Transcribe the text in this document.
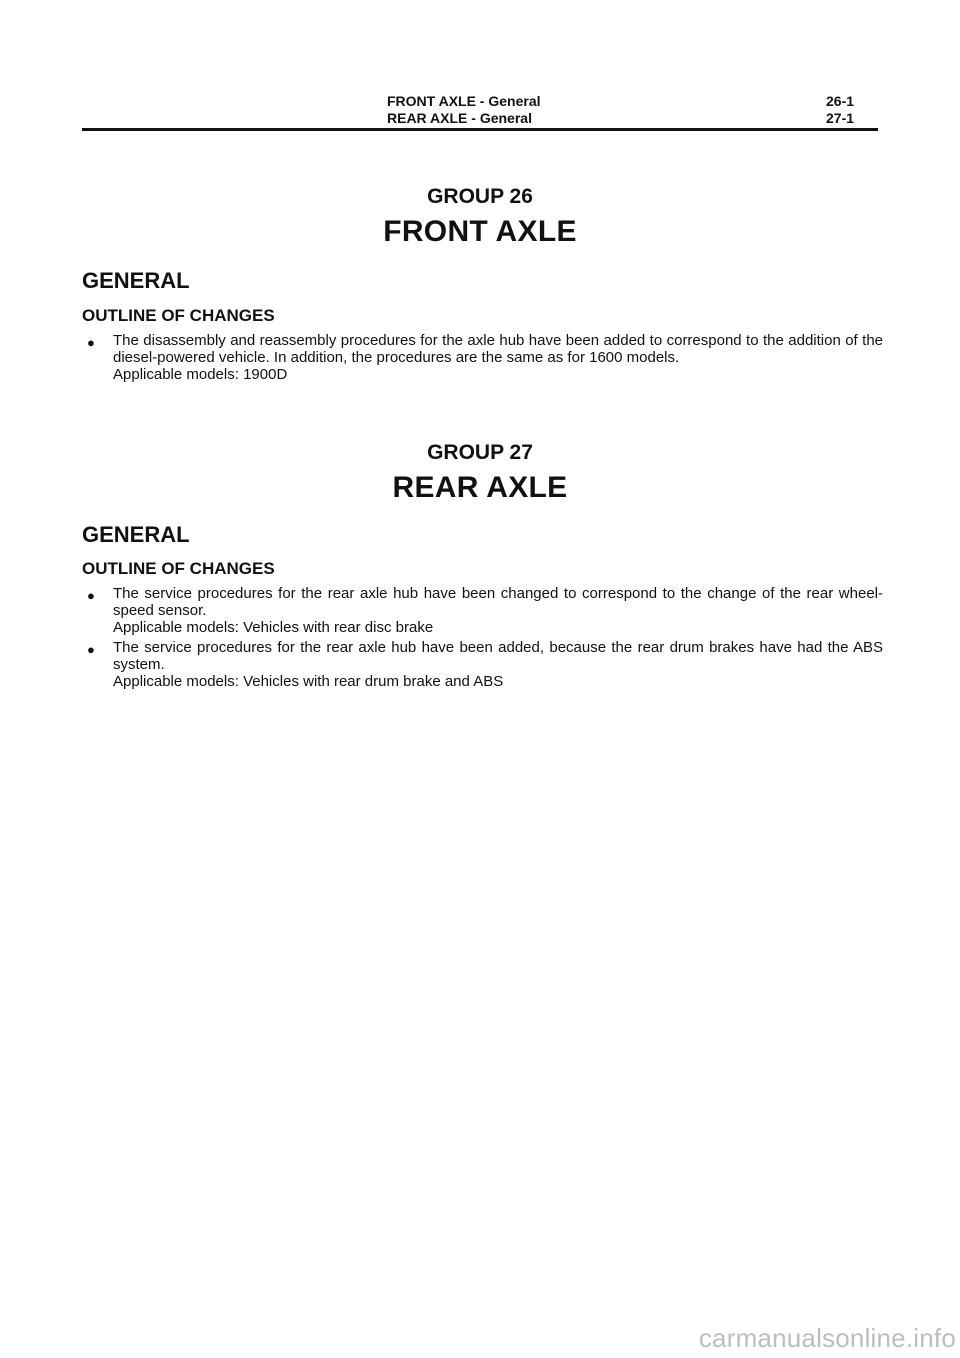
FRONT AXLE - General
REAR AXLE - General
26-1
27-1
GROUP 26
FRONT AXLE
GENERAL
OUTLINE OF CHANGES
● The disassembly and reassembly procedures for the axle hub have been added to correspond to the addition of the diesel-powered vehicle. In addition, the procedures are the same as for 1600 models.

Applicable models: 1900D

GROUP 27
REAR AXLE
GENERAL
OUTLINE OF CHANGES
● The service procedures for the rear axle hub have been changed to correspond to the change of the rear wheel-speed sensor.

Applicable models: Vehicles with rear disc brake

● The service procedures for the rear axle hub have been added, because the rear drum brakes have had the ABS system.

Applicable models: Vehicles with rear drum brake and ABS

carmanualsonline.info
